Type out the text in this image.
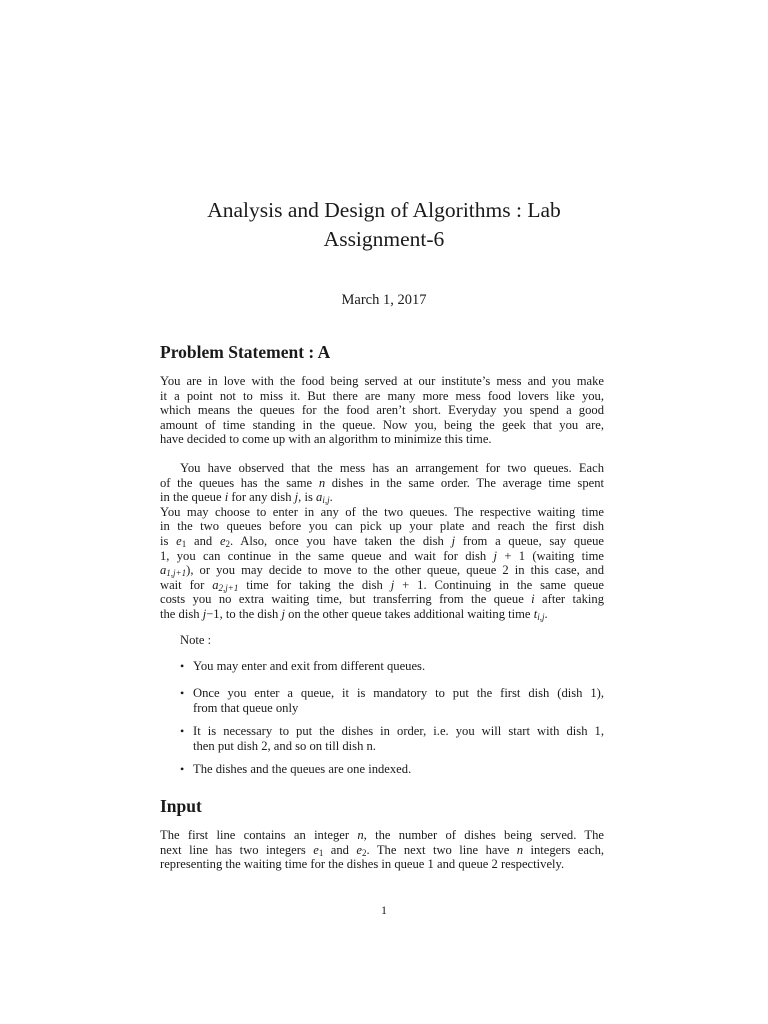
Analysis and Design of Algorithms : Lab
Assignment-6
March 1, 2017
Problem Statement : A
You are in love with the food being served at our institute’s mess and you make
it a point not to miss it. But there are many more mess food lovers like you,
which means the queues for the food aren’t short. Everyday you spend a good
amount of time standing in the queue. Now you, being the geek that you are,
have decided to come up with an algorithm to minimize this time.
You have observed that the mess has an arrangement for two queues. Each
of the queues has the same n dishes in the same order. The average time spent
in the queue i for any dish j, is $a_{i,j}$.
You may choose to enter in any of the two queues. The respective waiting time
in the two queues before you can pick up your plate and reach the first dish
is $e_1$ and $e_2$. Also, once you have taken the dish j from a queue, say queue
1, you can continue in the same queue and wait for dish j + 1 (waiting time
$a_{1,j+1}$), or you may decide to move to the other queue, queue 2 in this case, and
wait for $a_{2,j+1}$ time for taking the dish j + 1. Continuing in the same queue
costs you no extra waiting time, but transferring from the queue i after taking
the dish j−1, to the dish j on the other queue takes additional waiting time $t_{i,j}$.
Note :
• You may enter and exit from different queues.
• Once you enter a queue, it is mandatory to put the first dish (dish 1),
from that queue only
• It is necessary to put the dishes in order, i.e. you will start with dish 1,
then put dish 2, and so on till dish n.
• The dishes and the queues are one indexed.
Input
The first line contains an integer n, the number of dishes being served. The
next line has two integers $e_1$ and $e_2$. The next two line have n integers each,
representing the waiting time for the dishes in queue 1 and queue 2 respectively.
1
